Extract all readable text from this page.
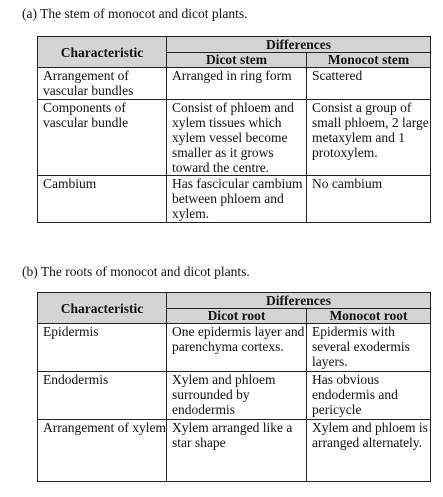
(a) The stem of monocot and dicot plants.
Characteristic	Differences	
	Dicot stem	Monocot stem
Arrangement of vascular bundles	Arranged in ring form	Scattered
Components of vascular bundle	Consist of phloem and xylem tissues which xylem vessel become smaller as it grows toward the centre.	Consist a group of small phloem, 2 large metaxylem and 1 protoxylem.
Cambium	Has fascicular cambium between phloem and xylem.	No cambium
(b) The roots of monocot and dicot plants.
Characteristic	Differences	
	Dicot root	Monocot root
Epidermis	One epidermis layer and parenchyma cortexs.	Epidermis with several exodermis layers.
Endodermis	Xylem and phloem surrounded by endodermis	Has obvious endodermis and pericycle
Arrangement of xylem	Xylem arranged like a star shape	Xylem and phloem is arranged alternately.
